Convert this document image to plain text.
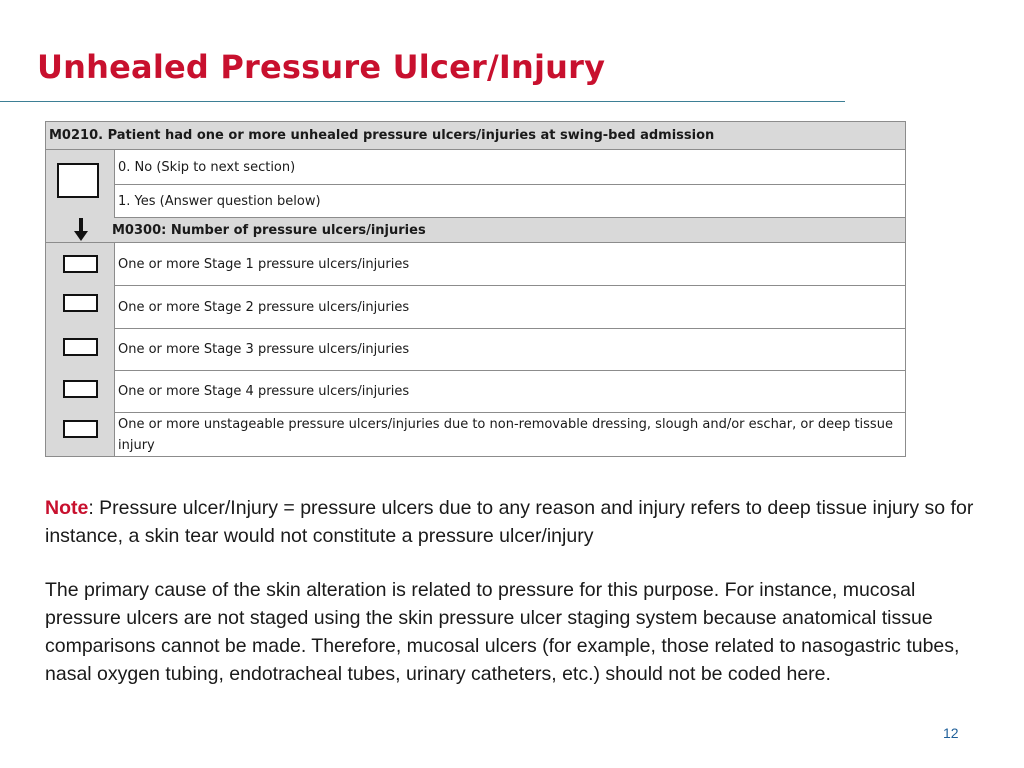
Unhealed Pressure Ulcer/Injury
M0210. Patient had one or more unhealed pressure ulcers/injuries at swing-bed admission
0. No (Skip to next section)
1. Yes (Answer question below)
M0300: Number of pressure ulcers/injuries
One or more Stage 1 pressure ulcers/injuries
One or more Stage 2 pressure ulcers/injuries
One or more Stage 3 pressure ulcers/injuries
One or more Stage 4 pressure ulcers/injuries
One or more unstageable pressure ulcers/injuries due to non-removable dressing, slough and/or eschar, or deep tissue injury

Note: Pressure ulcer/Injury = pressure ulcers due to any reason and injury refers to deep tissue injury so for instance, a skin tear would not constitute a pressure ulcer/injury

The primary cause of the skin alteration is related to pressure for this purpose. For instance, mucosal pressure ulcers are not staged using the skin pressure ulcer staging system because anatomical tissue comparisons cannot be made. Therefore, mucosal ulcers (for example, those related to nasogastric tubes, nasal oxygen tubing, endotracheal tubes, urinary catheters, etc.) should not be coded here.

12
